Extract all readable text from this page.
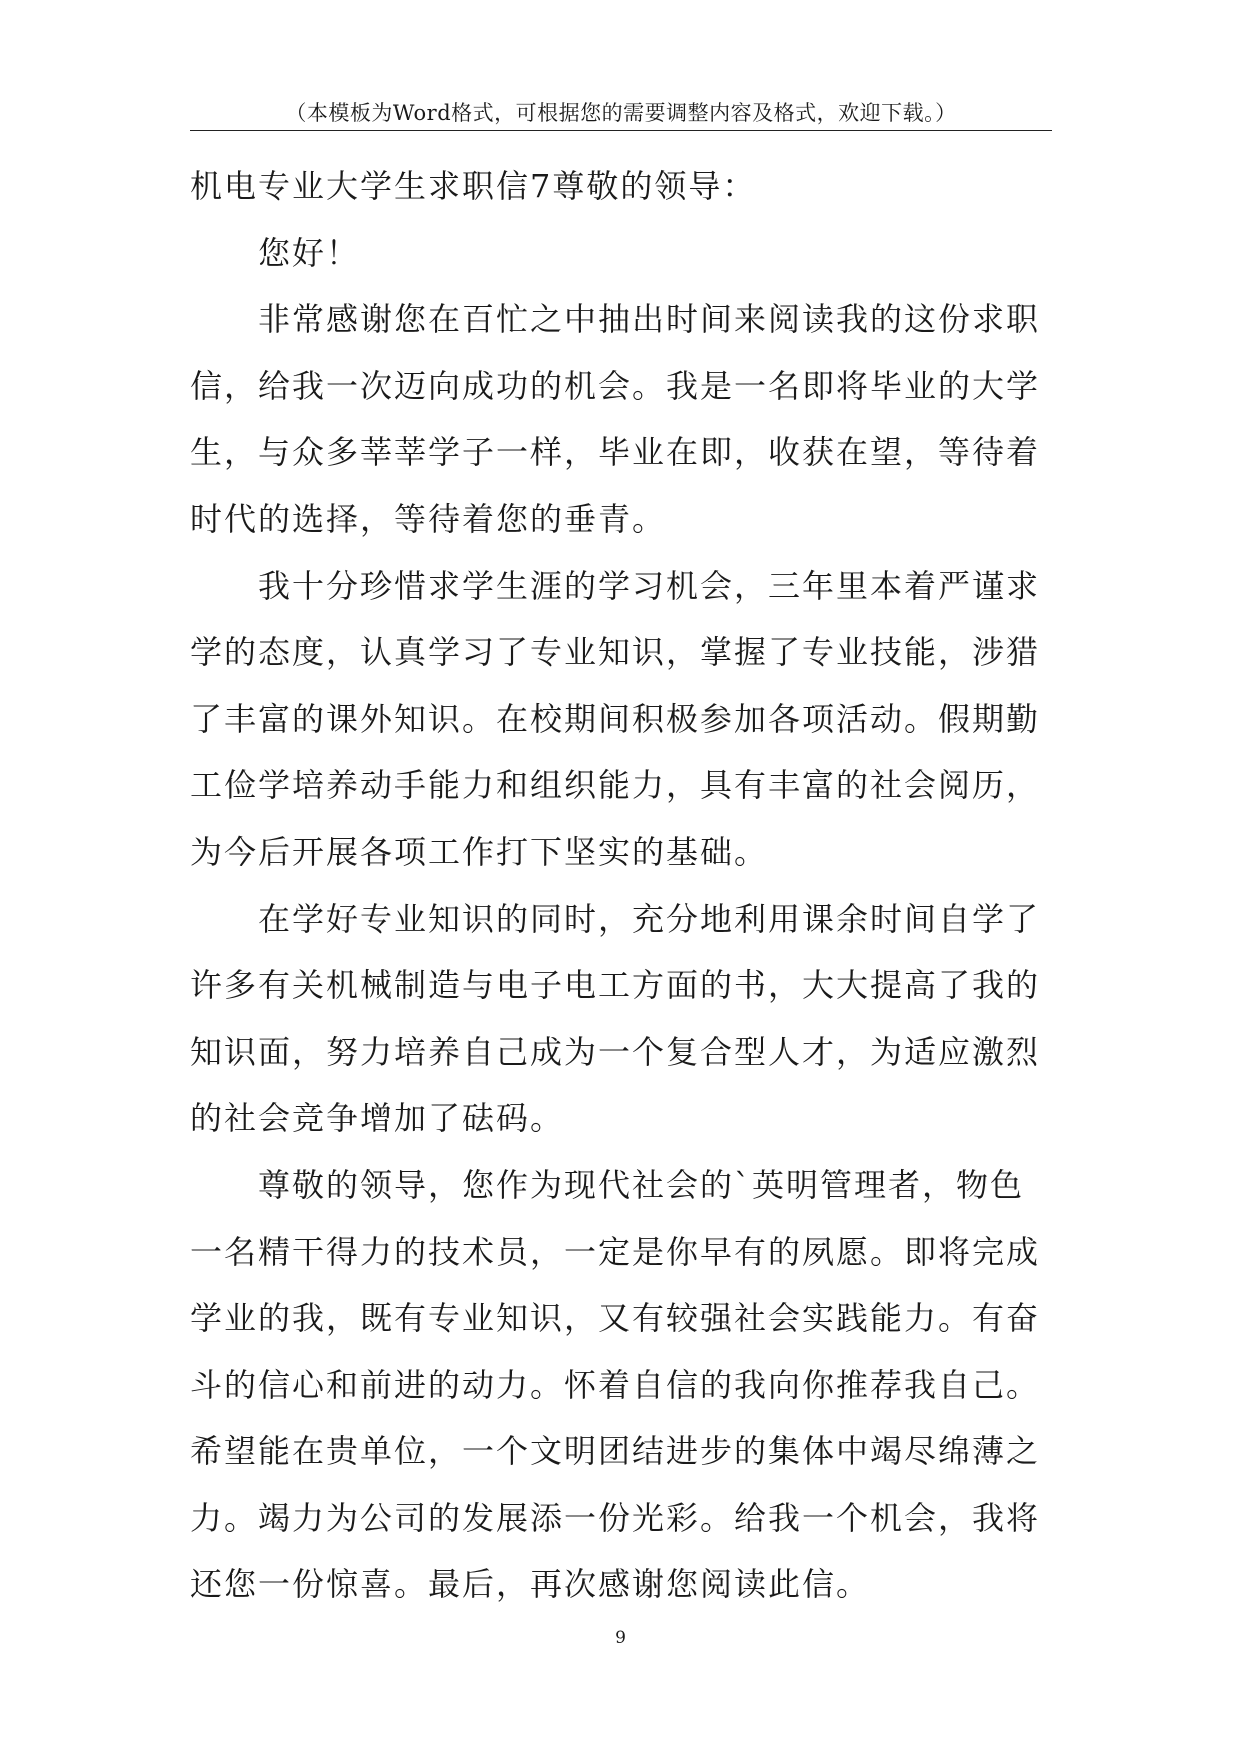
（本模板为Word格式，可根据您的需要调整内容及格式，欢迎下载。）

机电专业大学生求职信7尊敬的领导：

您好！

非常感谢您在百忙之中抽出时间来阅读我的这份求职信，给我一次迈向成功的机会。我是一名即将毕业的大学生，与众多莘莘学子一样，毕业在即，收获在望，等待着时代的选择，等待着您的垂青。

我十分珍惜求学生涯的学习机会，三年里本着严谨求学的态度，认真学习了专业知识，掌握了专业技能，涉猎了丰富的课外知识。在校期间积极参加各项活动。假期勤工俭学培养动手能力和组织能力，具有丰富的社会阅历，为今后开展各项工作打下坚实的基础。

在学好专业知识的同时，充分地利用课余时间自学了许多有关机械制造与电子电工方面的书，大大提高了我的知识面，努力培养自己成为一个复合型人才，为适应激烈的社会竞争增加了砝码。

尊敬的领导，您作为现代社会的`英明管理者，物色一名精干得力的技术员，一定是你早有的夙愿。即将完成学业的我，既有专业知识，又有较强社会实践能力。有奋斗的信心和前进的动力。怀着自信的我向你推荐我自己。希望能在贵单位，一个文明团结进步的集体中竭尽绵薄之力。竭力为公司的发展添一份光彩。给我一个机会，我将还您一份惊喜。最后，再次感谢您阅读此信。

9
